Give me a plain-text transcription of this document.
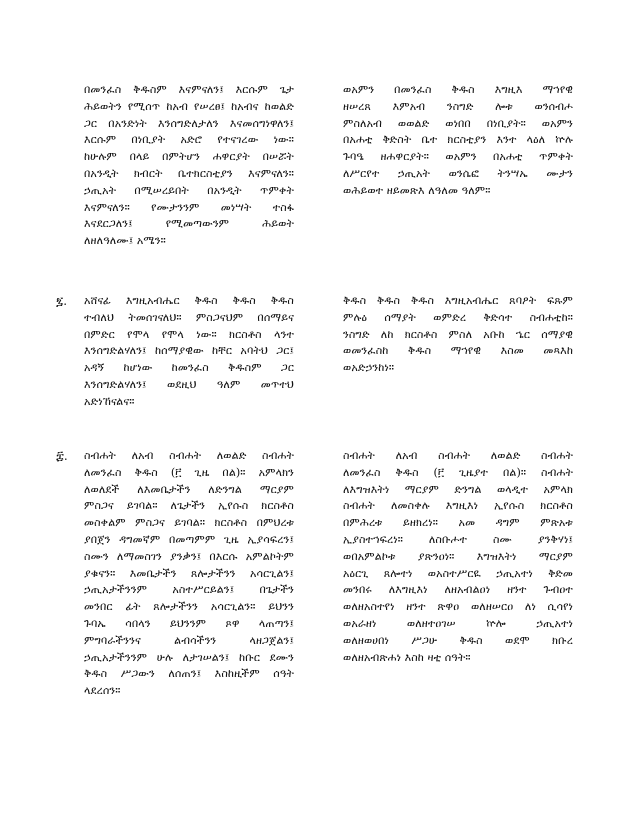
በመንፈስ ቅዱስም እናምናለን፤ እርሱም ጌታ
ሕይወትን የሚሰጥ ከአብ የሠረፀ፤ ከአብና ከወልድ
ጋር በአንድነት እንሰግድለታለን እናመሰግነዋለን፤
እርሱም በነቢያት አድሮ የተናገረው ነው።
ከሁሉም በላይ በምትሆን ሐዋርያት በሠሯት
በአንዲት ክብርት ቤተክርስቲያን እናምናለን።
ኃጢአት በሚሠረይበት በአንዲት ጥምቀት
እናምናለን። የሙታንንም መነሣት ተስፋ
እናደርጋለን፤ የሚመጣውንም ሕይወት
ለዘለዓለሙ፤ አሜን።
ወአምን በመንፈስ ቅዱስ እግዚእ ማኀየዊ
ዘሠረጸ እምአብ ንስግድ ሎቱ ወንሰብሖ
ምስለአብ ወወልድ ወነበበ በነቢያት። ወአምን
በአሐቲ ቅድስት ቤተ ክርስቲያን እንተ ላዕለ ኵሉ
ጉባዔ ዘሐዋርያት። ወአምን በአሐቲ ጥምቀት
ለሥርየተ ኃጢአት ወንሴፎ ትንሣኤ ሙታን
ወሕይወተ ዘይመጽእ ለዓለመ ዓለም።
፯. አሸናፊ እግዚአብሔር ቅዱስ ቅዱስ ቅዱስ
ተብለህ ትመሰገናለህ። ምስጋናህም በሰማይና
በምድር የሞላ የሞላ ነው። ክርስቶስ ላንተ
እንሰግድልሃለን፤ ከሰማያዊው ከቸር አባትህ ጋር፤
አዳኝ ከሆነው ከመንፈስ ቅዱስም ጋር
እንሰግድልሃለን፤ ወደዚህ ዓለም መጥተህ
አድነኸናልና።
ቅዱስ ቅዱስ ቅዱስ እግዚአብሔር ጸባዖት ፍጹም
ምሉዕ ሰማያት ወምድረ ቅድሳተ ስብሐቲከ።
ንስግድ ለከ ክርስቶስ ምስለ አቡከ ኄር ሰማያዊ
ወመንፈስከ ቅዱስ ማኀየዊ እስመ መጻእከ
ወአድኃንከነ።
፰. ስብሐት ለአብ ስብሐት ለወልድ ስብሐት
ለመንፈስ ቅዱስ (፫ ጊዜ በል)። አምላክን
ለወለደች ለእመቤታችን ለድንግል ማርያም
ምስጋና ይገባል። ለጌታችን ኢየሱስ ክርስቶስ
መስቀልም ምስጋና ይገባል። ክርስቶስ በምህረቱ
ያበጀን ዳግመኛም በመጣምም ጊዜ ኢያሳፍረን፤
ስሙን ለማመስገን ያንቃን፤ በእርሱ አምልኮትም
ያቁናን። እመቤታችን ጸሎታችንን አሳርጊልን፤
ኃጢአታችንንም አስተሥርይልን፤ በጌታችን
መንበር ፊት ጸሎታችንን አሳርጊልን። ይህንን
ጉባኤ ሳበላን ይህንንም ጾዋ ላጠጣን፤
ምግባራችንንና ልብሳችንን ላዘጋጀልን፤
ኃጢአታችንንም ሁሉ ለታገሠልን፤ ከቡር ደሙን
ቅዱስ ሥጋውን ለሰጠን፤ እስከዚችም ሰዓት
ላደረሰን።
ስብሐት ለአብ ስብሐት ለወልድ ስብሐት
ለመንፈስ ቅዱስ (፫ ጊዜያተ በል)። ስብሐት
ለእግዝእትነ ማርያም ድንግል ወላዲተ አምላክ
ስብሐት ለመስቀሉ እግዚእነ ኢየሱስ ክርስቶስ
በምሕረቱ ይዘክረነ። አመ ዳግም ምጽአቱ
ኢያስተኀፍረነ። ለስቡሖተ ስሙ ያንቅሃነ፤
ወበአምልኮቱ ያጽንዐነ። እግዝእትነ ማርያም
አዕርጊ ጸሎተነ ወአስተሥርዪ ኃጢአተነ ቅድመ
መንበሩ ለእግዚእነ ለዘአብልዐነ ዘንተ ጉብዐተ
ወለዘአስተየነ ዘንተ ጽዋዐ ወለዘሠርዐ ለነ ሲሳየነ
ወአራዘነ ወለዘተዐገሠ ኵሎ ኃጢአተነ
ወለዘወሀበነ ሥጋሁ ቅዱስ ወደሞ ክቡረ
ወለዘአብጽሐነ እስከ ዛቲ ሰዓት።
